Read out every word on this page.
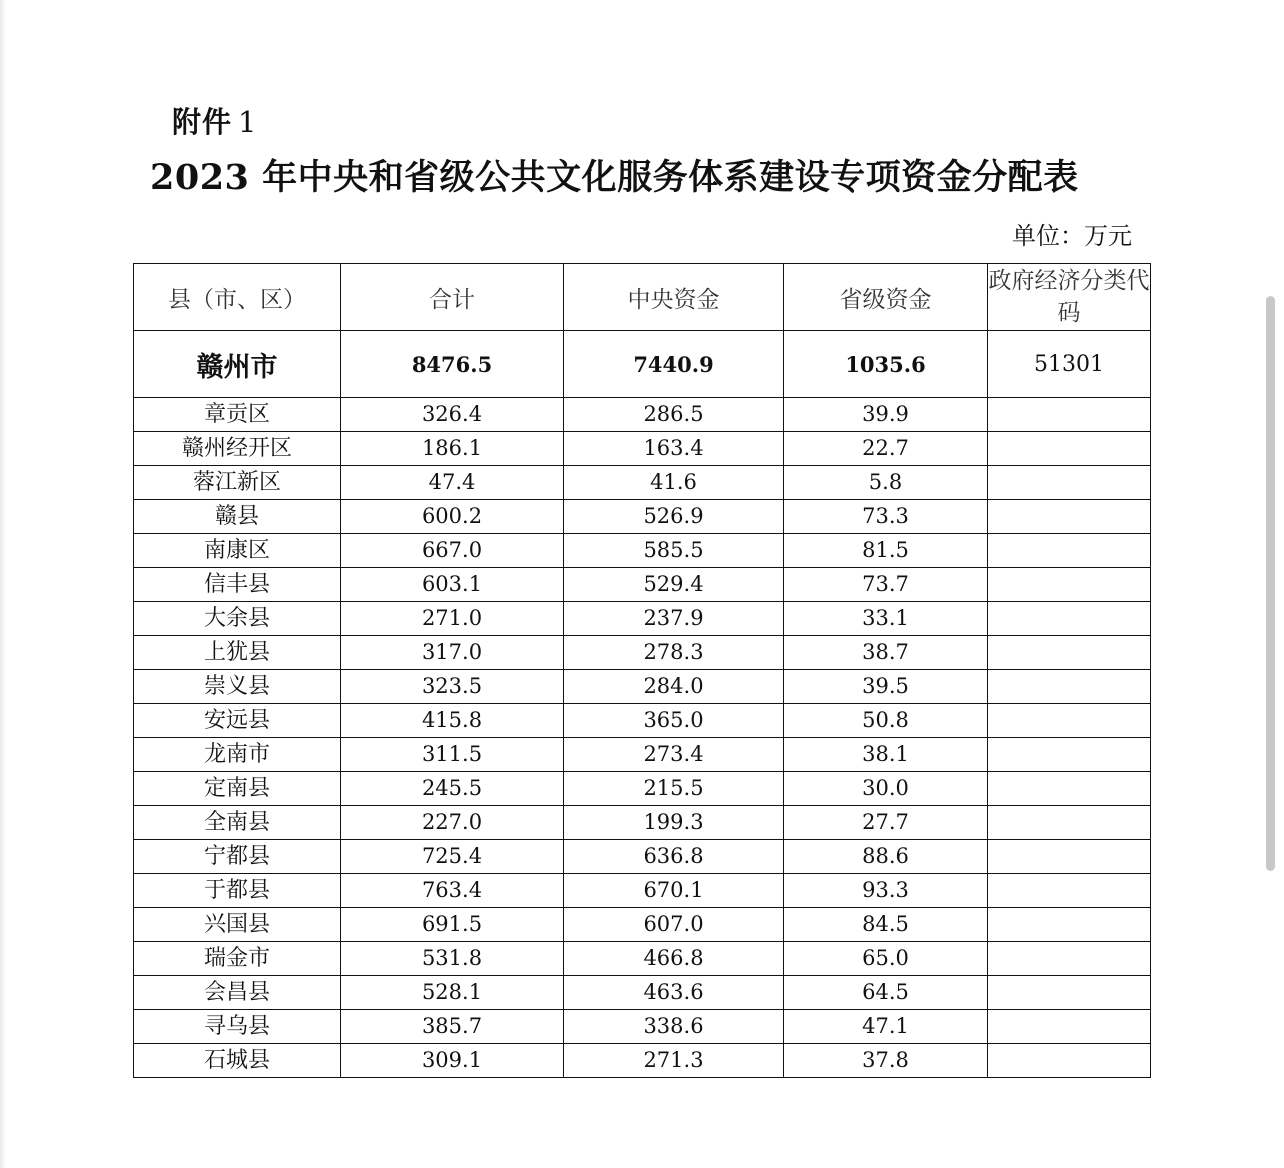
附件 1
2023 年中央和省级公共文化服务体系建设专项资金分配表
单位：万元
县（市、区）	合计	中央资金	省级资金	政府经济分类代码
赣州市	8476.5	7440.9	1035.6	51301
章贡区	326.4	286.5	39.9	
赣州经开区	186.1	163.4	22.7	
蓉江新区	47.4	41.6	5.8	
赣县	600.2	526.9	73.3	
南康区	667.0	585.5	81.5	
信丰县	603.1	529.4	73.7	
大余县	271.0	237.9	33.1	
上犹县	317.0	278.3	38.7	
崇义县	323.5	284.0	39.5	
安远县	415.8	365.0	50.8	
龙南市	311.5	273.4	38.1	
定南县	245.5	215.5	30.0	
全南县	227.0	199.3	27.7	
宁都县	725.4	636.8	88.6	
于都县	763.4	670.1	93.3	
兴国县	691.5	607.0	84.5	
瑞金市	531.8	466.8	65.0	
会昌县	528.1	463.6	64.5	
寻乌县	385.7	338.6	47.1	
石城县	309.1	271.3	37.8	
